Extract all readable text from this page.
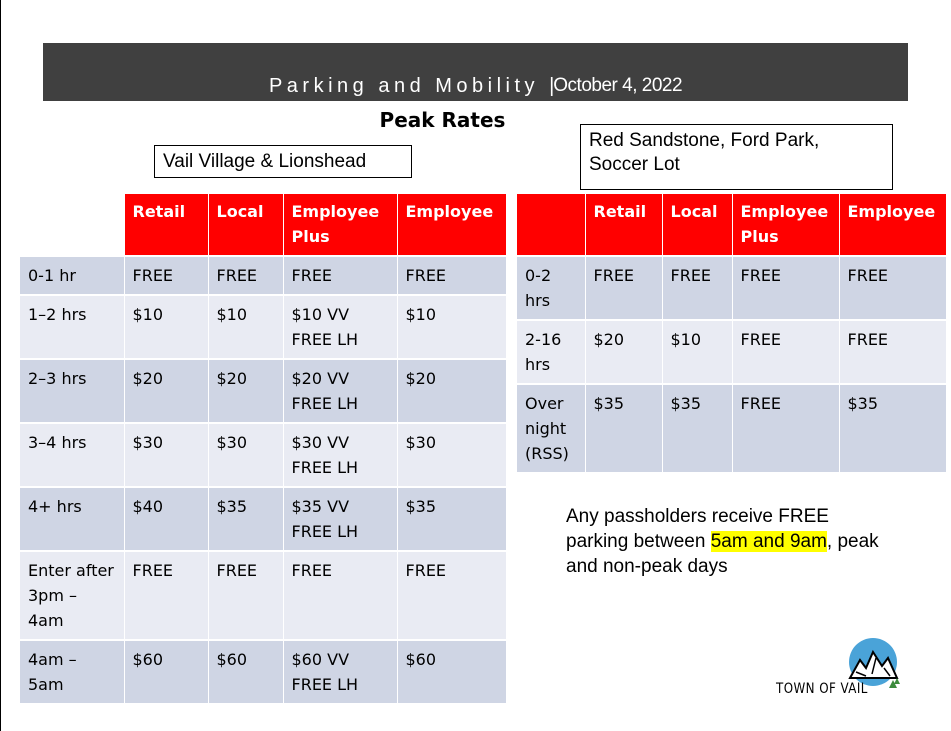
Parking and Mobility | October 4, 2022
Peak Rates
Vail Village & Lionshead
Red Sandstone, Ford Park,
Soccer Lot
	Retail	Local	Employee Plus	Employee
0-1 hr	FREE	FREE	FREE	FREE
1–2 hrs	$10	$10	$10 VV FREE LH	$10
2–3 hrs	$20	$20	$20 VV FREE LH	$20
3–4 hrs	$30	$30	$30 VV FREE LH	$30
4+ hrs	$40	$35	$35 VV FREE LH	$35
Enter after 3pm – 4am	FREE	FREE	FREE	FREE
4am – 5am	$60	$60	$60 VV FREE LH	$60
	Retail	Local	Employee Plus	Employee
0-2 hrs	FREE	FREE	FREE	FREE
2-16 hrs	$20	$10	FREE	FREE
Over night (RSS)	$35	$35	FREE	$35
Any passholders receive FREE parking between 5am and 9am, peak and non-peak days
TOWN OF VAIL
